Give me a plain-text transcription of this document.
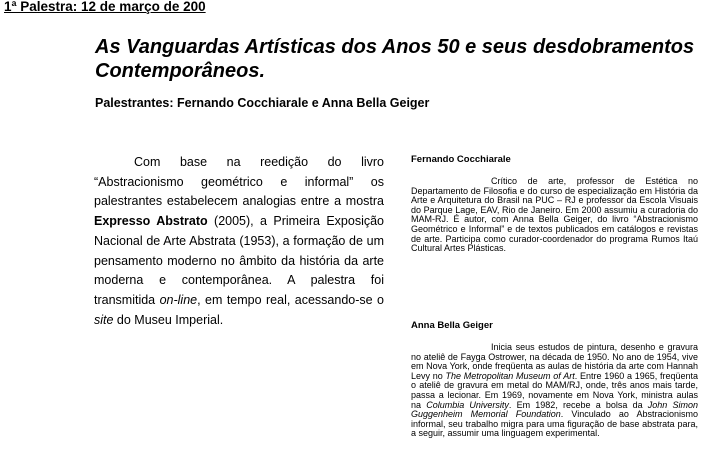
1ª Palestra: 12 de março de 200
As Vanguardas Artísticas dos Anos 50 e seus desdobramentos Contemporâneos.
Palestrantes: Fernando Cocchiarale e Anna Bella Geiger
Com base na reedição do livro “Abstracionismo geométrico e informal” os palestrantes estabelecem analogias entre a mostra Expresso Abstrato (2005), a Primeira Exposição Nacional de Arte Abstrata (1953), a formação de um pensamento moderno no âmbito da história da arte moderna e contemporânea. A palestra foi transmitida on-line, em tempo real, acessando-se o site do Museu Imperial.
Fernando Cocchiarale
Crítico de arte, professor de Estética no Departamento de Filosofia e do curso de especialização em História da Arte e Arquitetura do Brasil na PUC – RJ e professor da Escola Visuais do Parque Lage, EAV, Rio de Janeiro. Em 2000 assumiu a curadoria do MAM-RJ. É autor, com Anna Bella Geiger, do livro “Abstracionismo Geométrico e Informal” e de textos publicados em catálogos e revistas de arte. Participa como curador-coordenador do programa Rumos Itaú Cultural Artes Plásticas.
Anna Bella Geiger
Inicia seus estudos de pintura, desenho e gravura no ateliê de Fayga Ostrower, na década de 1950. No ano de 1954, vive em Nova York, onde freqüenta as aulas de história da arte com Hannah Levy no The Metropolitan Museum of Art. Entre 1960 a 1965, freqüenta o ateliê de gravura em metal do MAM/RJ, onde, três anos mais tarde, passa a lecionar. Em 1969, novamente em Nova York, ministra aulas na Columbia University. Em 1982, recebe a bolsa da John Simon Guggenheim Memorial Foundation. Vinculado ao Abstracionismo informal, seu trabalho migra para uma figuração de base abstrata para, a seguir, assumir uma linguagem experimental.
